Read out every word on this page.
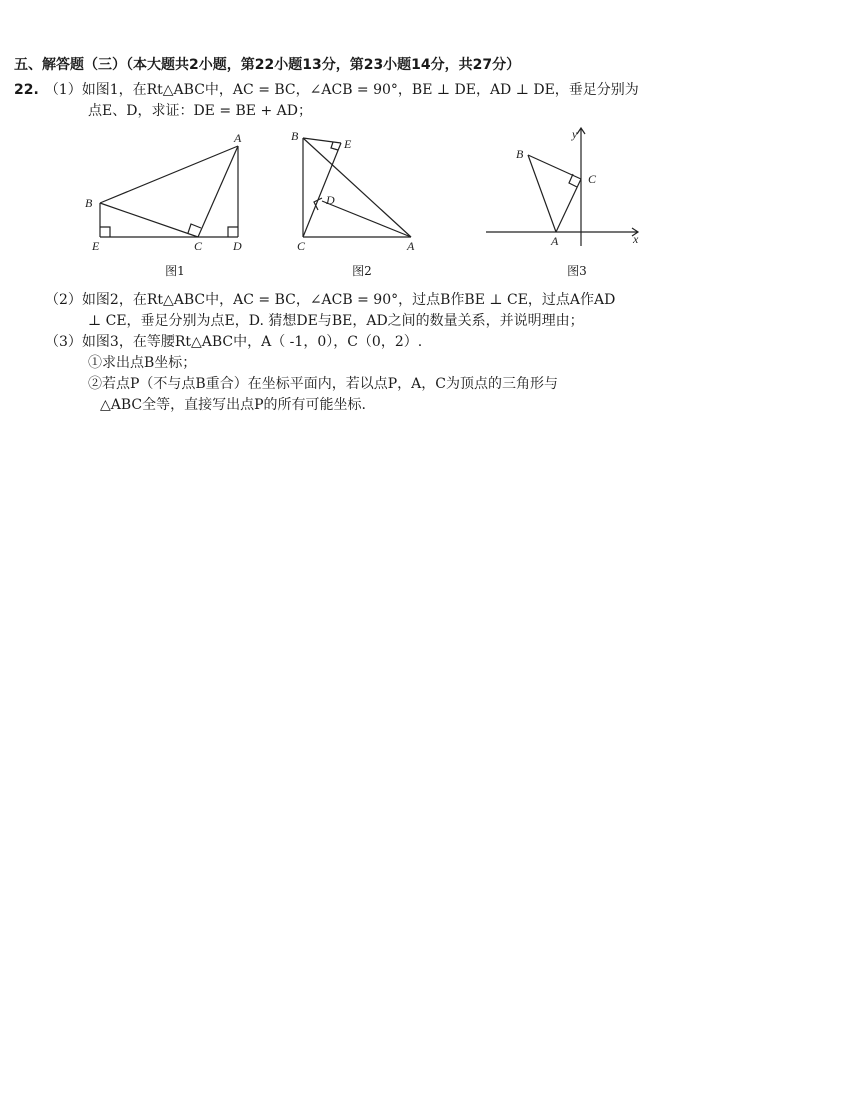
五、解答题（三）（本大题共2小题，第22小题13分，第23小题14分，共27分）
22. （1）如图1，在Rt△ABC中，AC = BC，∠ACB = 90°，BE ⊥ DE，AD ⊥ DE，垂足分别为
点E、D，求证：DE = BE + AD；
B
A
E	C	D
图1
B
E
D
C	A
图2
y
x
B
C
A
图3
（2）如图2，在Rt△ABC中，AC = BC，∠ACB = 90°，过点B作BE ⊥ CE，过点A作AD
⊥ CE，垂足分别为点E，D. 猜想DE与BE，AD之间的数量关系，并说明理由；
（3）如图3，在等腰Rt△ABC中，A（ -1，0），C（0，2）.
①求出点B坐标；
②若点P（不与点B重合）在坐标平面内，若以点P，A，C为顶点的三角形与
△ABC全等，直接写出点P的所有可能坐标.
